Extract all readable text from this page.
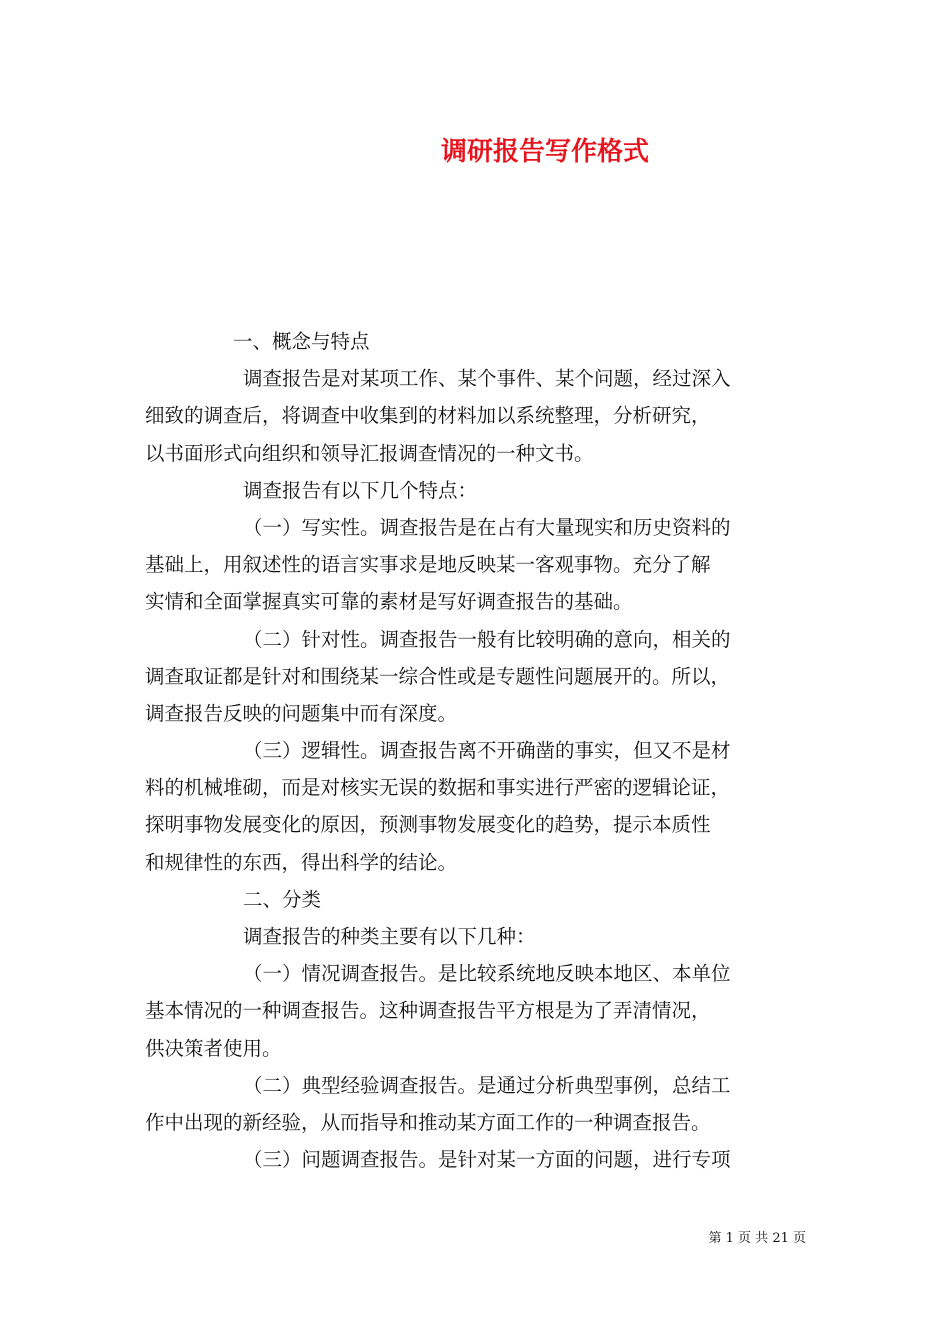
调研报告写作格式
一、概念与特点
调查报告是对某项工作、某个事件、某个问题，经过深入
细致的调查后，将调查中收集到的材料加以系统整理，分析研究，
以书面形式向组织和领导汇报调查情况的一种文书。
调查报告有以下几个特点：
（一）写实性。调查报告是在占有大量现实和历史资料的
基础上，用叙述性的语言实事求是地反映某一客观事物。充分了解
实情和全面掌握真实可靠的素材是写好调查报告的基础。
（二）针对性。调查报告一般有比较明确的意向，相关的
调查取证都是针对和围绕某一综合性或是专题性问题展开的。所以，
调查报告反映的问题集中而有深度。
（三）逻辑性。调查报告离不开确凿的事实，但又不是材
料的机械堆砌，而是对核实无误的数据和事实进行严密的逻辑论证，
探明事物发展变化的原因，预测事物发展变化的趋势，提示本质性
和规律性的东西，得出科学的结论。
二、分类
调查报告的种类主要有以下几种：
（一）情况调查报告。是比较系统地反映本地区、本单位
基本情况的一种调查报告。这种调查报告平方根是为了弄清情况，
供决策者使用。
（二）典型经验调查报告。是通过分析典型事例，总结工
作中出现的新经验，从而指导和推动某方面工作的一种调查报告。
（三）问题调查报告。是针对某一方面的问题，进行专项
第 1 页 共 21 页
